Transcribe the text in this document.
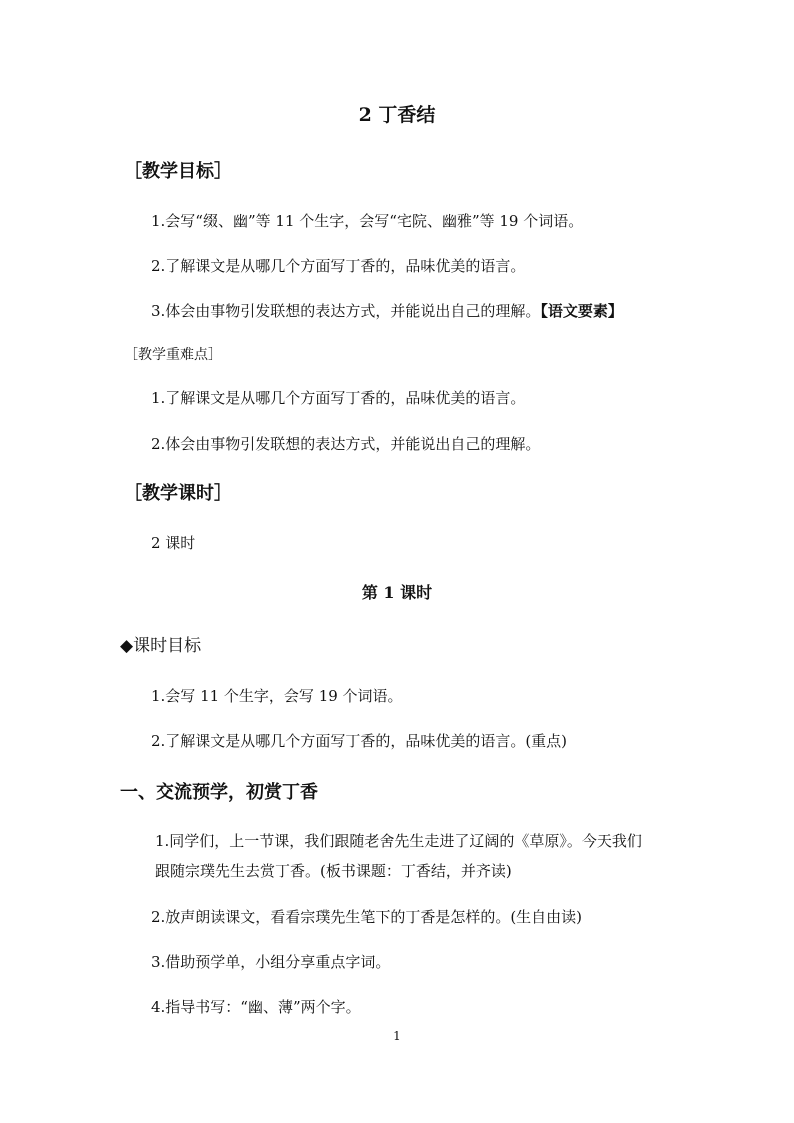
2 丁香结
［教学目标］
1.会写“缀、幽”等 11 个生字，会写“宅院、幽雅”等 19 个词语。
2.了解课文是从哪几个方面写丁香的，品味优美的语言。
3.体会由事物引发联想的表达方式，并能说出自己的理解。【语文要素】
［教学重难点］
1.了解课文是从哪几个方面写丁香的，品味优美的语言。
2.体会由事物引发联想的表达方式，并能说出自己的理解。
［教学课时］
2 课时
第 1 课时
◆课时目标
1.会写 11 个生字，会写 19 个词语。
2.了解课文是从哪几个方面写丁香的，品味优美的语言。(重点)
一、交流预学，初赏丁香
1.同学们，上一节课，我们跟随老舍先生走进了辽阔的《草原》。今天我们
跟随宗璞先生去赏丁香。(板书课题：丁香结，并齐读)
2.放声朗读课文，看看宗璞先生笔下的丁香是怎样的。(生自由读)
3.借助预学单，小组分享重点字词。
4.指导书写：“幽、薄”两个字。
1
